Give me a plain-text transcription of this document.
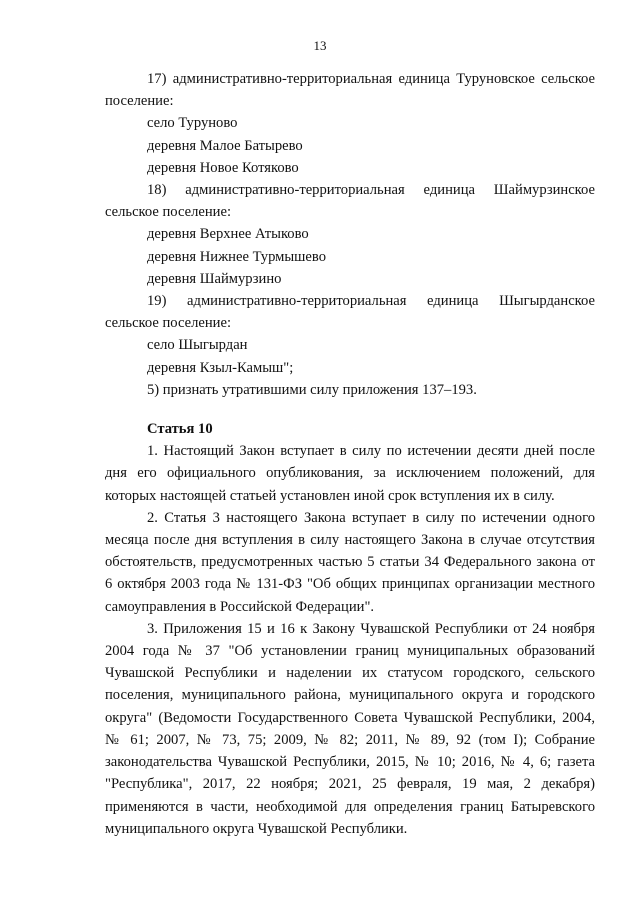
13

17) административно-территориальная единица Туруновское сельское поселение:

село Туруново

деревня Малое Батырево

деревня Новое Котяково

18) административно-территориальная единица Шаймурзинское сельское поселение:

деревня Верхнее Атыково

деревня Нижнее Турмышево

деревня Шаймурзино

19) административно-территориальная единица Шыгырданское сельское поселение:

село Шыгырдан

деревня Кзыл-Камыш";

5) признать утратившими силу приложения 137–193.

Статья 10

1. Настоящий Закон вступает в силу по истечении десяти дней после дня его официального опубликования, за исключением положений, для которых настоящей статьей установлен иной срок вступления их в силу.

2. Статья 3 настоящего Закона вступает в силу по истечении одного месяца после дня вступления в силу настоящего Закона в случае отсутствия обстоятельств, предусмотренных частью 5 статьи 34 Федерального закона от 6 октября 2003 года № 131-ФЗ "Об общих принципах организации местного самоуправления в Российской Федерации".

3. Приложения 15 и 16 к Закону Чувашской Республики от 24 ноября 2004 года № 37 "Об установлении границ муниципальных образований Чувашской Республики и наделении их статусом городского, сельского поселения, муниципального района, муниципального округа и городского округа" (Ведомости Государственного Совета Чувашской Республики, 2004, № 61; 2007, № 73, 75; 2009, № 82; 2011, № 89, 92 (том I); Собрание законодательства Чувашской Республики, 2015, № 10; 2016, № 4, 6; газета "Республика", 2017, 22 ноября; 2021, 25 февраля, 19 мая, 2 декабря) применяются в части, необходимой для определения границ Батыревского муниципального округа Чувашской Республики.
